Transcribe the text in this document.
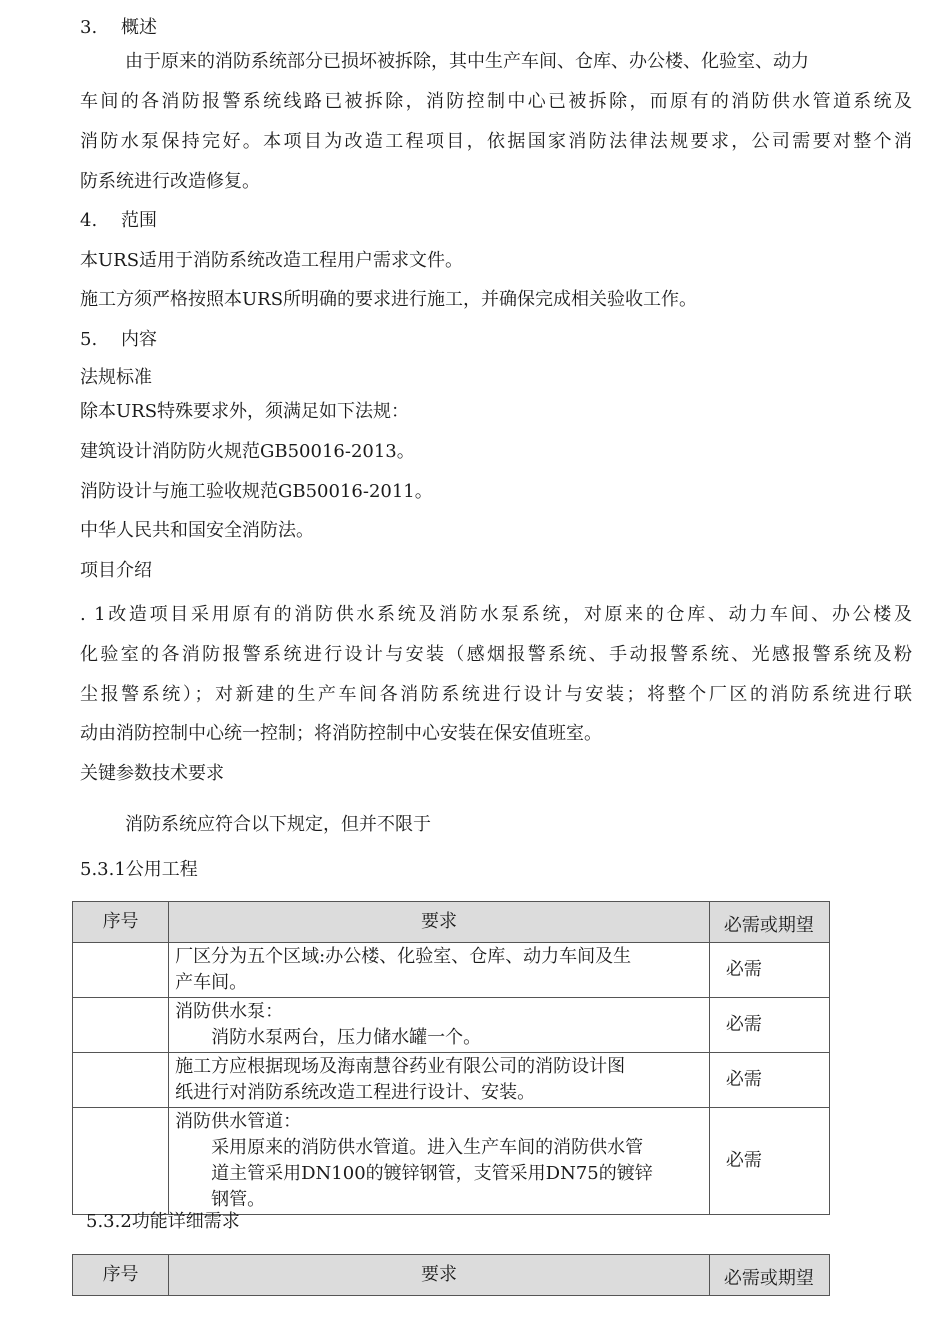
3. 概述
由于原来的消防系统部分已损坏被拆除，其中生产车间、仓库、办公楼、化验室、动力
车间的各消防报警系统线路已被拆除，消防控制中心已被拆除，而原有的消防供水管道系统及
消防水泵保持完好。本项目为改造工程项目，依据国家消防法律法规要求，公司需要对整个消
防系统进行改造修复。
4. 范围
本URS适用于消防系统改造工程用户需求文件。
施工方须严格按照本URS所明确的要求进行施工，并确保完成相关验收工作。
5. 内容
法规标准
除本URS特殊要求外，须满足如下法规：
建筑设计消防防火规范GB50016-2013。
消防设计与施工验收规范GB50016-2011。
中华人民共和国安全消防法。
项目介绍
. 1改造项目采用原有的消防供水系统及消防水泵系统，对原来的仓库、动力车间、办公楼及
化验室的各消防报警系统进行设计与安装（感烟报警系统、手动报警系统、光感报警系统及粉
尘报警系统）；对新建的生产车间各消防系统进行设计与安装；将整个厂区的消防系统进行联
动由消防控制中心统一控制；将消防控制中心安装在保安值班室。
关键参数技术要求
消防系统应符合以下规定，但并不限于
5.3.1公用工程
序号	要求	必需或期望

	厂区分为五个区域:办公楼、化验室、仓库、动力车间及生
产车间。	必需

	消防供水泵：
消防水泵两台，压力储水罐一个。	必需

	施工方应根据现场及海南慧谷药业有限公司的消防设计图
纸进行对消防系统改造工程进行设计、安装。	必需

	消防供水管道：
采用原来的消防供水管道。进入生产车间的消防供水管
道主管采用DN100的镀锌钢管，支管采用DN75的镀锌
钢管。	必需
5.3.2功能详细需求
序号	要求	必需或期望
